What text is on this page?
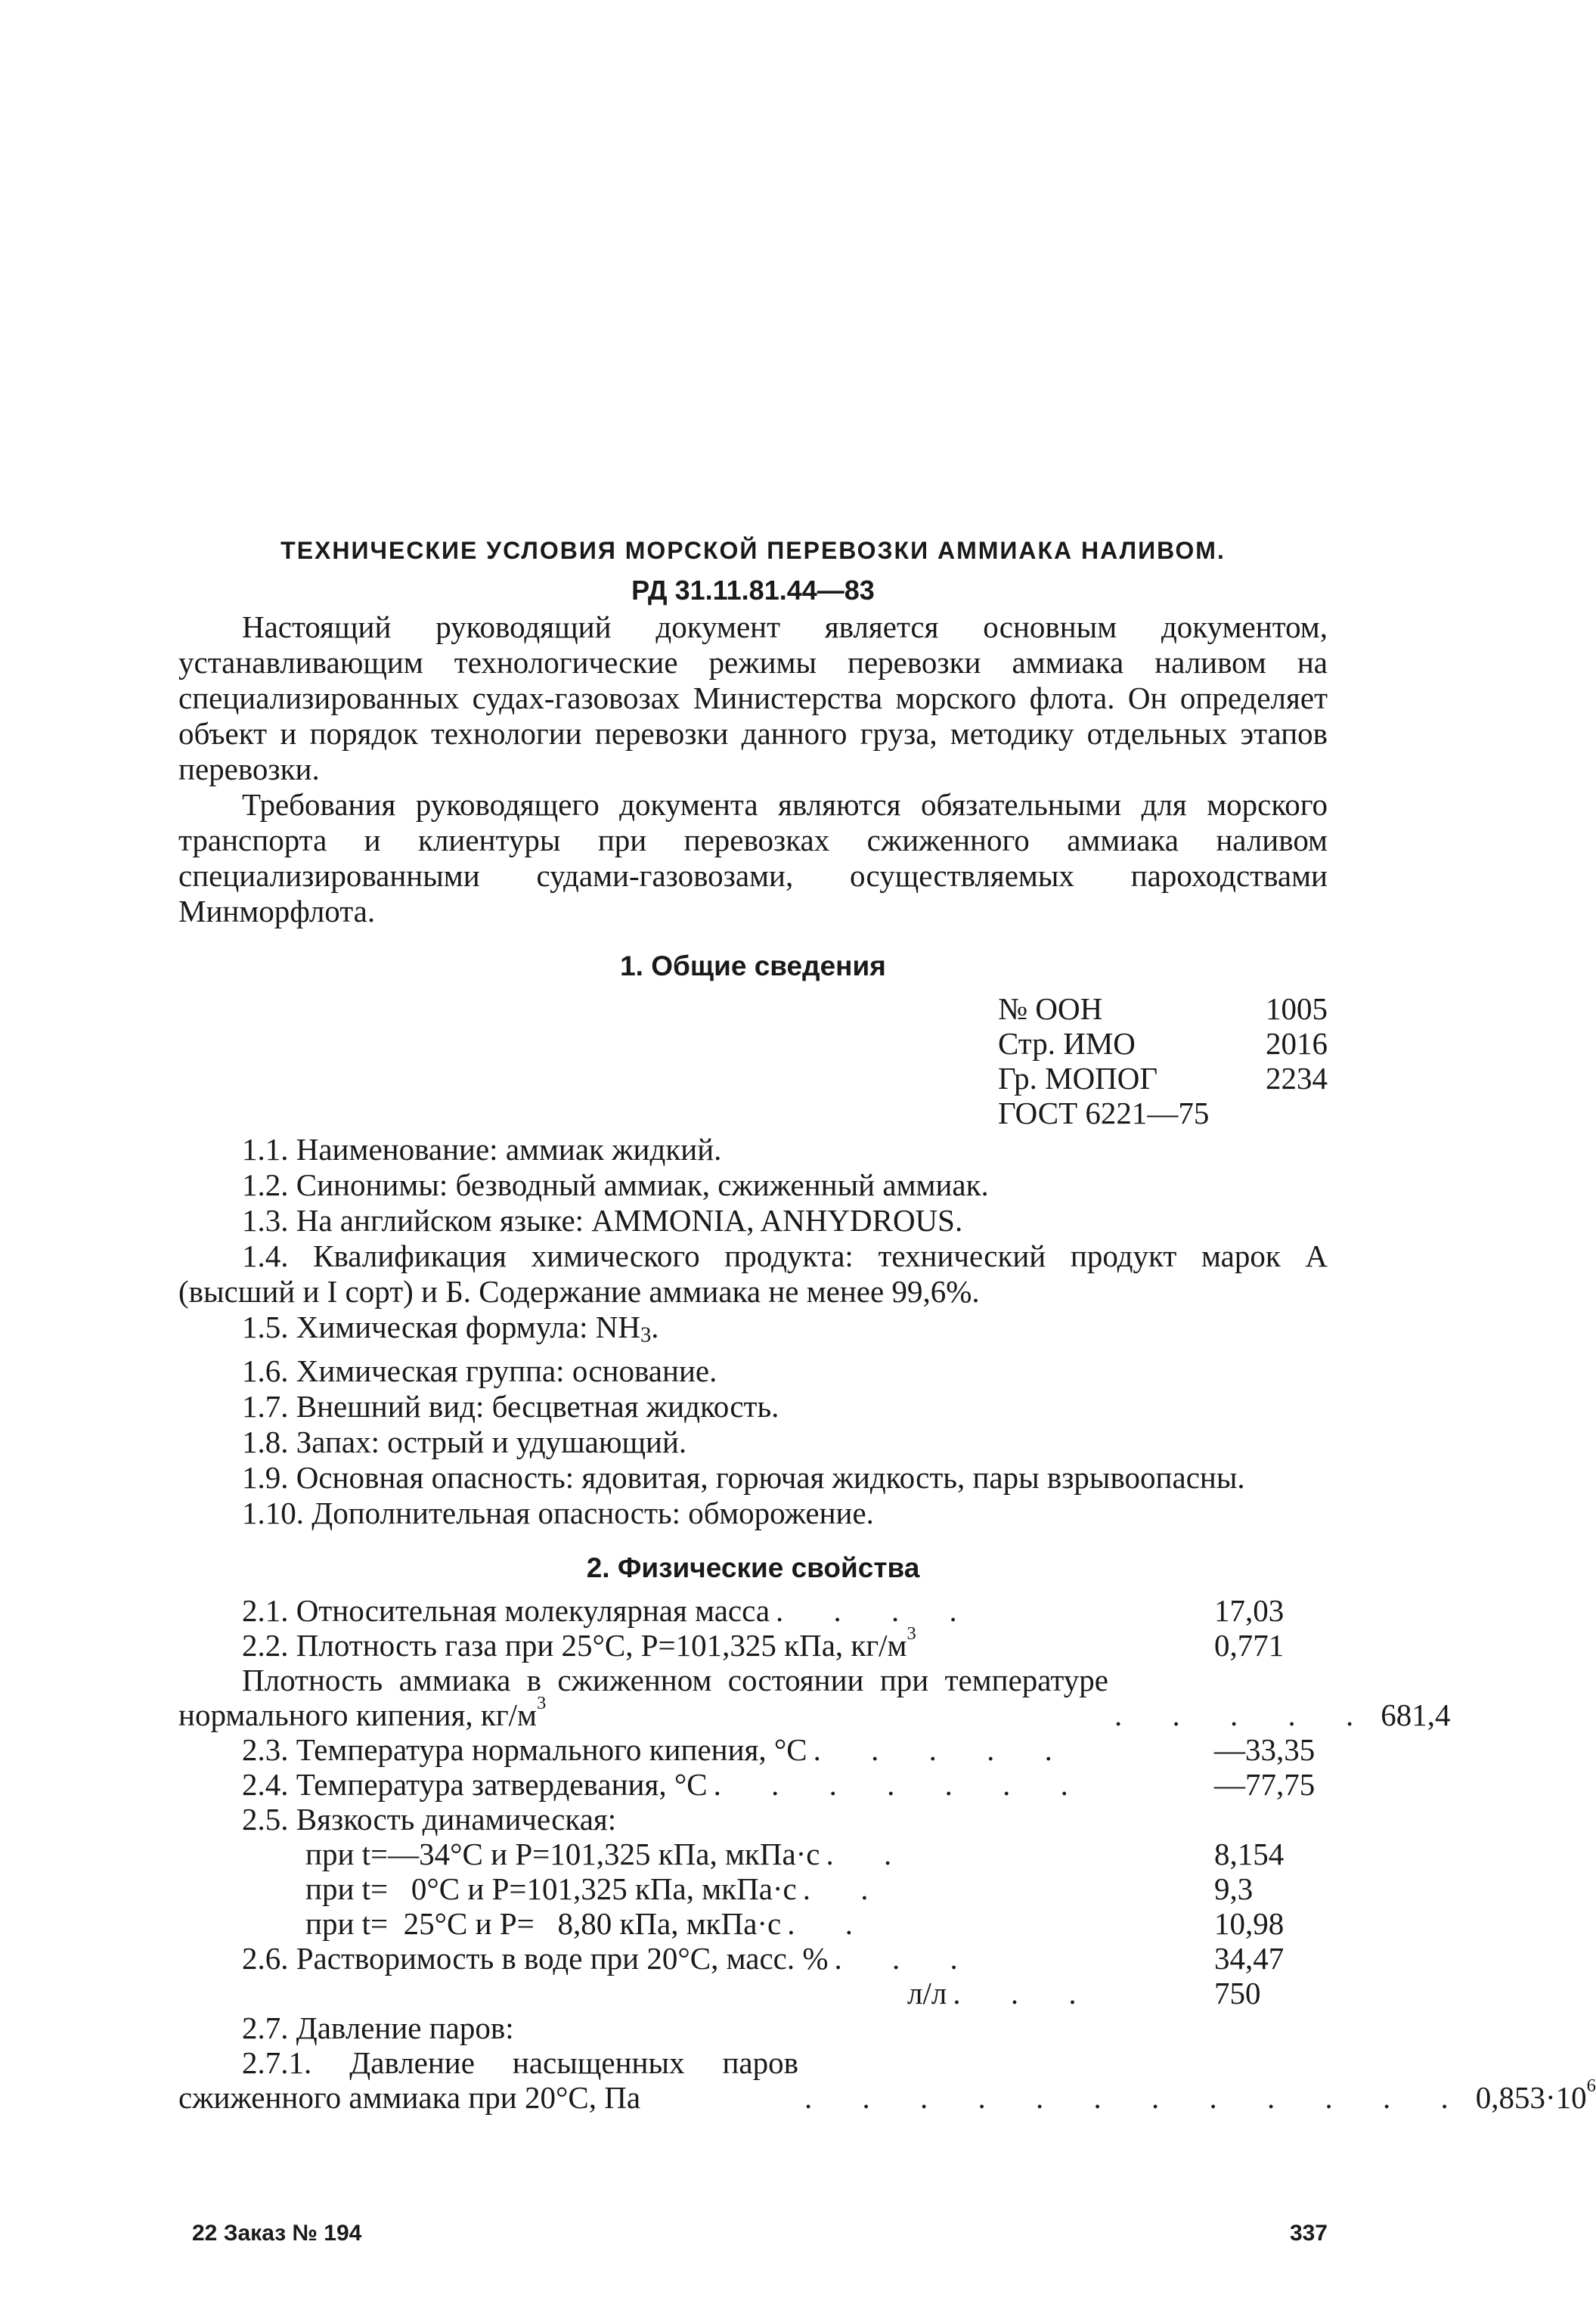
ТЕХНИЧЕСКИЕ УСЛОВИЯ МОРСКОЙ ПЕРЕВОЗКИ АММИАКА НАЛИВОМ.
РД 31.11.81.44—83

Настоящий руководящий документ является основным документом, устанавливающим технологические режимы перевозки аммиака наливом на специализированных судах-газовозах Министерства морского флота. Он определяет объект и порядок технологии перевозки данного груза, методику отдельных этапов перевозки.

Требования руководящего документа являются обязательными для морского транспорта и клиентуры при перевозках сжиженного аммиака наливом специализированными судами-газовозами, осуществляемых пароходствами Минморфлота.

1. Общие сведения
№ ООН	1005
Стр. ИМО	2016
Гр. МОПОГ	2234
ГОСТ 6221—75

1.1. Наименование: аммиак жидкий.

1.2. Синонимы: безводный аммиак, сжиженный аммиак.

1.3. На английском языке: AMMONIA, ANHYDROUS.

1.4. Квалификация химического продукта: технический продукт марок А (высший и I сорт) и Б. Содержание аммиака не менее 99,6%.

1.5. Химическая формула: $NH_3$.

1.6. Химическая группа: основание.

1.7. Внешний вид: бесцветная жидкость.

1.8. Запах: острый и удушающий.

1.9. Основная опасность: ядовитая, горючая жидкость, пары взрывоопасны.

1.10. Дополнительная опасность: обморожение.

2. Физические свойства
2.1. Относительная молекулярная масса . . . .	17,03
2.2. Плотность газа при 25°С, P=101,325 кПа, $кг/м^3$	0,771
Плотность аммиака в сжиженном состоянии при температуре нормального кипения, $кг/м^3$	. . . . . 681,4
2.3. Температура нормального кипения, °С . . . . .	—33,35
2.4. Температура затвердевания, °С . . . . . . .	—77,75
2.5. Вязкость динамическая:
при t=—34°С и P=101,325 кПа, мкПа·с . .	8,154
при t=   0°С и P=101,325 кПа, мкПа·с . .	9,3
при t=  25°С и P=   8,80 кПа, мкПа·с . .	10,98
2.6. Растворимость в воде при 20°С, масс. % . . .	34,47
л/л . . .	750
2.7. Давление паров:
2.7.1. Давление насыщенных паров сжиженного аммиака при 20°С, Па	. . . . . . . . . . . . $0,853\cdot 10^6$
22 Заказ № 194	337
